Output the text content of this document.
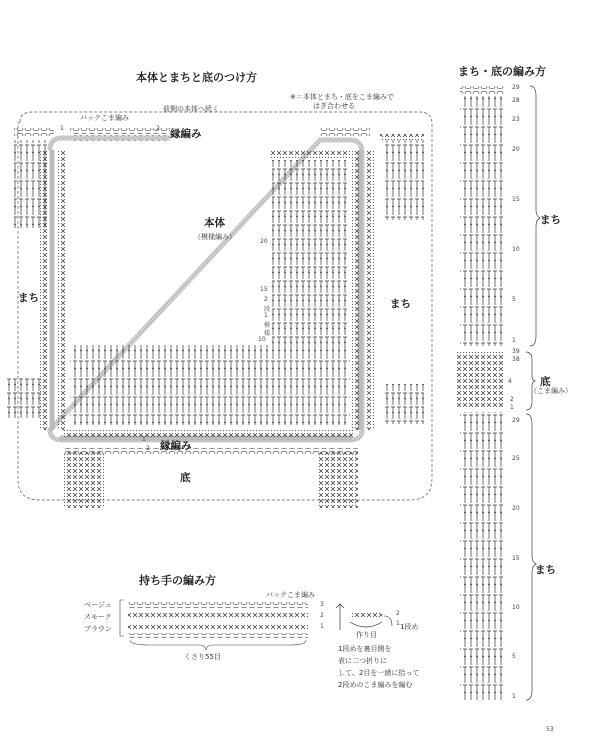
本体とまちと底のつけ方	まち・底の編み方
持ち手の編み方
※＝本体とまち・底をこま編みで
はぎ合わせる
前側の本体へ続く
バックこま編み
縁編み
本体
（模様編み）
まち	まち
縁編み
底
20
15
10
2
1
1
2
2
段
1
模
様
まち
底
（こま編み）
まち
29
28
23
20
15
10
5
1
39
38
4
2
1
29
25
20
15
10
5
1
ベージュ
スモーク
ブラウン
バックこま編み
くさり55目
3
2
1
2
1
作り目
1段め
1段めを裏目側を
表に二つ折りに
して、2目を一緒に拾って
2段めのこま編みを編む
53
